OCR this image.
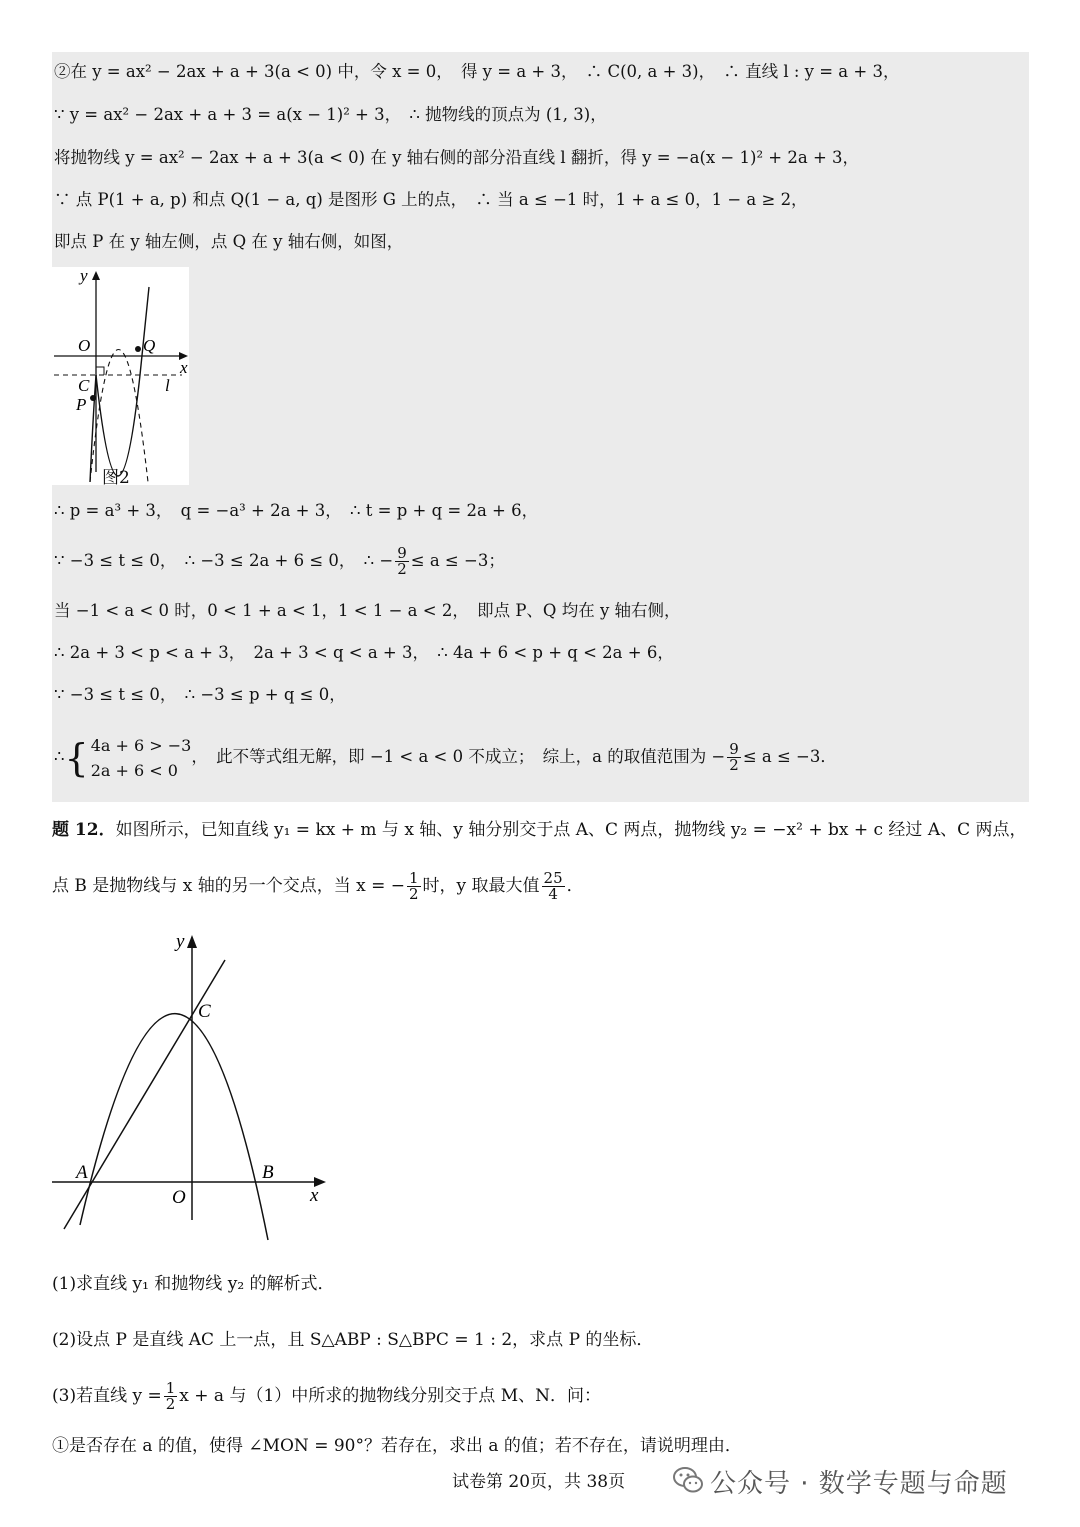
②在 y = ax² − 2ax + a + 3(a < 0) 中，令 x = 0，　得 y = a + 3，　∴ C(0, a + 3)，　∴ 直线 l : y = a + 3，
∵ y = ax² − 2ax + a + 3 = a(x − 1)² + 3，　∴ 抛物线的顶点为 (1, 3)，
将抛物线 y = ax² − 2ax + a + 3(a < 0) 在 y 轴右侧的部分沿直线 l 翻折，得 y = −a(x − 1)² + 2a + 3，
∵ 点 P(1 + a, p) 和点 Q(1 − a, q) 是图形 G 上的点，　∴ 当 a ≤ −1 时，1 + a ≤ 0，1 − a ≥ 2，
即点 P 在 y 轴左侧，点 Q 在 y 轴右侧，如图，
y
x
O	Q
C
P
l
图2
∴ p = a³ + 3，　q = −a³ + 2a + 3，　∴ t = p + q = 2a + 6，
∵ −3 ≤ t ≤ 0，　∴ −3 ≤ 2a + 6 ≤ 0，　∴ − $\frac{9}{2} \le a \le -3$；
当 −1 < a < 0 时，0 < 1 + a < 1，1 < 1 − a < 2，　即点 P、Q 均在 y 轴右侧，
∴ 2a + 3 < p < a + 3，　2a + 3 < q < a + 3，　∴ 4a + 6 < p + q < 2a + 6，
∵ −3 ≤ t ≤ 0，　∴ −3 ≤ p + q ≤ 0，
∴{ 4a + 6 > −3
2a + 6 < 0
，　此不等式组无解，即 −1 < a < 0 不成立；　综上，a 的取值范围为 − $\frac{9}{2} \le a \le -3$．
题 12．如图所示，已知直线 y₁ = kx + m 与 x 轴、y 轴分别交于点 A、C 两点，抛物线 y₂ = −x² + bx + c 经过 A、C 两点，
点 B 是抛物线与 x 轴的另一个交点，当 x = − $\frac{1}{2}$ 时，y 取最大值 $\frac{25}{4}$ ．
y
C
A	B
O	x
(1)求直线 y₁ 和抛物线 y₂ 的解析式．
(2)设点 P 是直线 AC 上一点，且 S△ABP : S△BPC = 1 : 2，求点 P 的坐标．
(3)若直线 $y = \frac{1}{2}$ x + a 与（1）中所求的抛物线分别交于点 M、N．问：
①是否存在 a 的值，使得 ∠MON = 90°？若存在，求出 a 的值；若不存在，请说明理由．
试卷第 20页，共 38页	公众号 · 数学专题与命题
